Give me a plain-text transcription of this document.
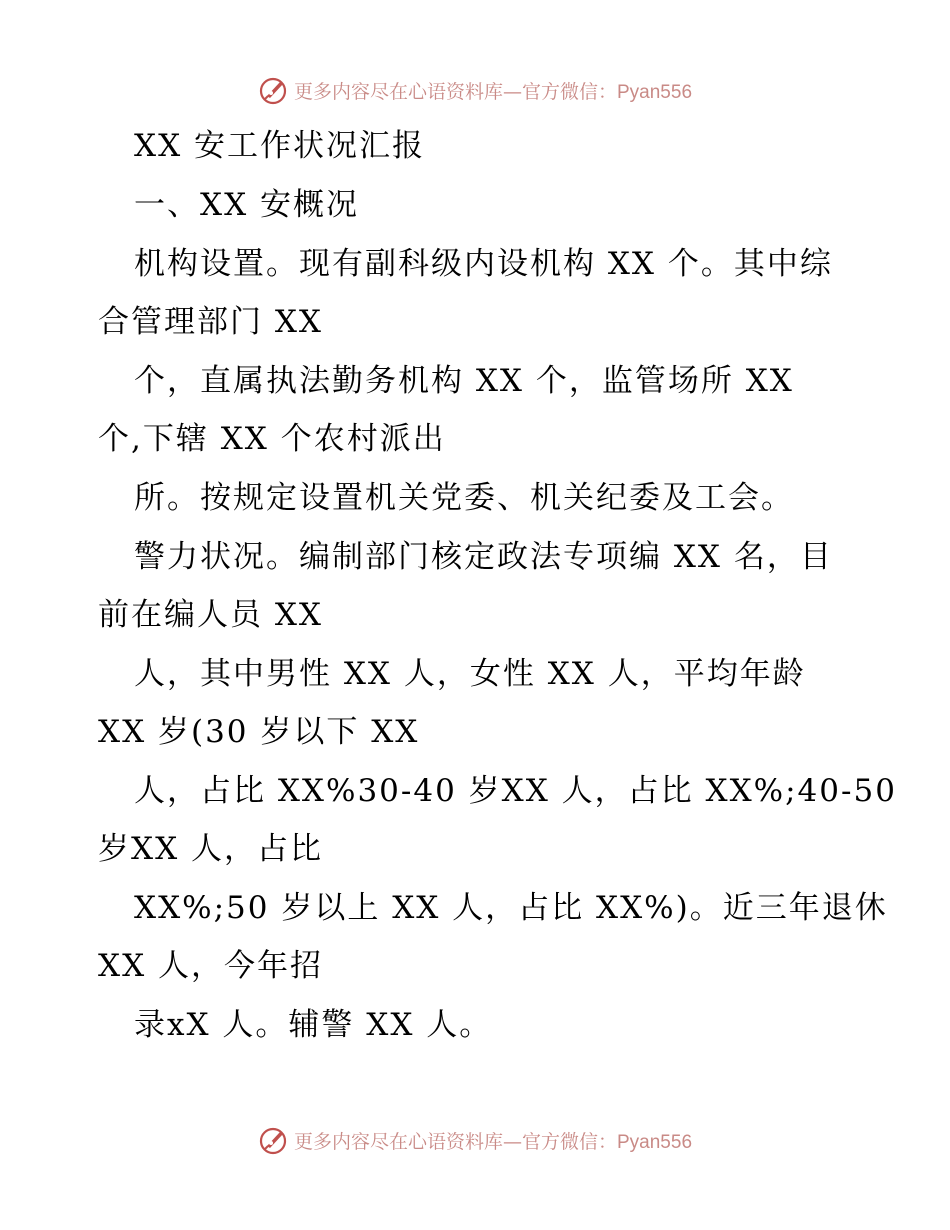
更多内容尽在心语资料库—官方微信：Pyan556
XX 安工作状况汇报
一、XX 安概况
机构设置。现有副科级内设机构 XX 个。其中综
合管理部门 XX
个，直属执法勤务机构 XX 个，监管场所 XX
个,下辖 XX 个农村派出
所。按规定设置机关党委、机关纪委及工会。
警力状况。编制部门核定政法专项编 XX 名，目
前在编人员 XX
人，其中男性 XX 人，女性 XX 人，平均年龄
XX 岁(30 岁以下 XX
人，占比 XX%30-40 岁XX 人，占比 XX%;40-50
岁XX 人，占比
XX%;50 岁以上 XX 人，占比 XX%)。近三年退休
XX 人，今年招
录xX 人。辅警 XX 人。
更多内容尽在心语资料库—官方微信：Pyan556
